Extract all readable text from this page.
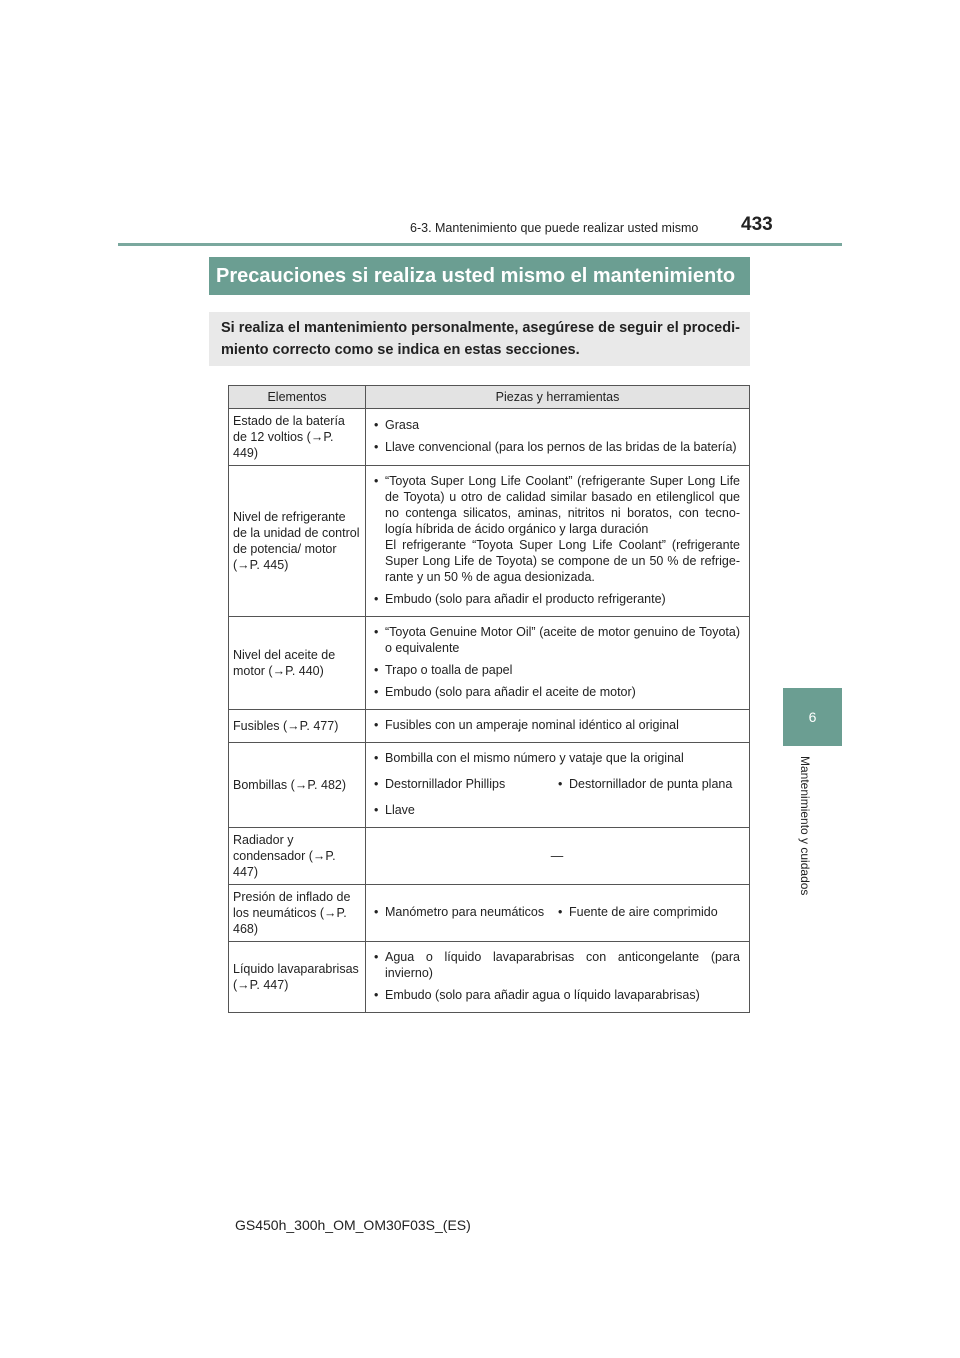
6-3. Mantenimiento que puede realizar usted mismo 433
6
Mantenimiento y cuidados
Precauciones si realiza usted mismo el mantenimiento
Si realiza el mantenimiento personalmente, asegúrese de seguir el procedi-miento correcto como se indica en estas secciones.
Elementos	Piezas y herramientas
Estado de la batería de 12 voltios (→P. 449)	• Grasa
• Llave convencional (para los pernos de las bridas de la batería)

Nivel de refrigerante de la unidad de control de potencia/ motor (→P. 445)	• “Toyota Super Long Life Coolant” (refrigerante Super Long Life de Toyota) u otro de calidad similar basado en etilenglicol que no contenga silicatos, aminas, nitritos ni boratos, con tecno-logía híbrida de ácido orgánico y larga duración
El refrigerante “Toyota Super Long Life Coolant” (refrigerante Super Long Life de Toyota) se compone de un 50 % de refrige-rante y un 50 % de agua desionizada.
• Embudo (solo para añadir el producto refrigerante)

Nivel del aceite de motor (→P. 440)	• “Toyota Genuine Motor Oil” (aceite de motor genuino de Toyota) o equivalente
• Trapo o toalla de papel
• Embudo (solo para añadir el aceite de motor)

Fusibles (→P. 477)	• Fusibles con un amperaje nominal idéntico al original

Bombillas (→P. 482)	• Bombilla con el mismo número y vataje que la original
• Destornillador Phillips • Destornillador de punta plana
• Llave

Radiador y condensador (→P. 447)	—

Presión de inflado de los neumáticos (→P. 468)	• Manómetro para neumáticos • Fuente de aire comprimido

Líquido lavaparabrisas (→P. 447)	• Agua o líquido lavaparabrisas con anticongelante (para invierno)
• Embudo (solo para añadir agua o líquido lavaparabrisas)
GS450h_300h_OM_OM30F03S_(ES)
